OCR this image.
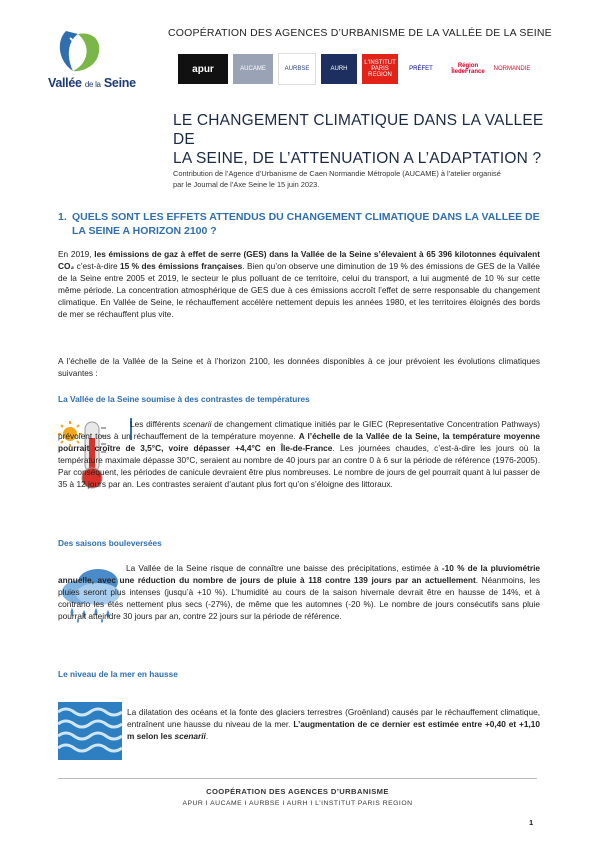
COOPÉRATION DES AGENCES D’URBANISME DE LA VALLÉE DE LA SEINE
Vallée de la Seine
apur	AUCAME	AURBSE	AURH
L'INSTITUT PARIS REGION
PRÉFET	Région ÎledeFrance	NORMANDIE
LE CHANGEMENT CLIMATIQUE DANS LA VALLEE DE
LA SEINE, DE L’ATTENUATION A L’ADAPTATION ?
Contribution de l’Agence d’Urbanisme de Caen Normandie Métropole (AUCAME) à l’atelier organisé
par le Journal de l’Axe Seine le 15 juin 2023.
1. QUELS SONT LES EFFETS ATTENDUS DU CHANGEMENT CLIMATIQUE DANS LA VALLEE DE
LA SEINE A HORIZON 2100 ?
En 2019, les émissions de gaz à effet de serre (GES) dans la Vallée de la Seine s’élevaient à 65 396 kilotonnes équivalent CO₂ c’est-à-dire 15 % des émissions françaises. Bien qu’on observe une diminution de 19 % des émissions de GES de la Vallée de la Seine entre 2005 et 2019, le secteur le plus polluant de ce territoire, celui du transport, a lui augmenté de 10 % sur cette même période. La concentration atmosphérique de GES due à ces émissions accroît l’effet de serre responsable du changement climatique. En Vallée de Seine, le réchauffement accélère nettement depuis les années 1980, et les territoires éloignés des bords de mer se réchauffent plus vite.
A l’échelle de la Vallée de la Seine et à l’horizon 2100, les données disponibles à ce jour prévoient les évolutions climatiques suivantes :
La Vallée de la Seine soumise à des contrastes de températures
Les différents scenarii de changement climatique initiés par le GIEC (Representative Concentration Pathways) prévoient tous à un réchauffement de la température moyenne. A l’échelle de la Vallée de la Seine, la température moyenne pourrait croître de 3,5°C, voire dépasser +4,4°C en Île-de-France. Les journées chaudes, c’est-à-dire les jours où la température maximale dépasse 30°C, seraient au nombre de 40 jours par an contre 0 à 6 sur la période de référence (1976-2005). Par conséquent, les périodes de canicule devraient être plus nombreuses. Le nombre de jours de gel pourrait quant à lui passer de 35 à 12 jours par an. Les contrastes seraient d’autant plus fort qu’on s’éloigne des littoraux.
Des saisons bouleversées
La Vallée de la Seine risque de connaître une baisse des précipitations, estimée à -10 % de la pluviométrie annuelle, avec une réduction du nombre de jours de pluie à 118 contre 139 jours par an actuellement. Néanmoins, les pluies seront plus intenses (jusqu’à +10 %). L’humidité au cours de la saison hivernale devrait être en hausse de 14%, et à contrario les étés nettement plus secs (-27%), de même que les automnes (-20 %). Le nombre de jours consécutifs sans pluie pourrait atteindre 30 jours par an, contre 22 jours sur la période de référence.
Le niveau de la mer en hausse
La dilatation des océans et la fonte des glaciers terrestres (Groënland) causés par le réchauffement climatique, entraînent une hausse du niveau de la mer. L’augmentation de ce dernier est estimée entre +0,40 et +1,10 m selon les scenarii.
COOPÉRATION DES AGENCES D’URBANISME
APUR I AUCAME I AURBSE I AURH I L’INSTITUT PARIS REGION
1
